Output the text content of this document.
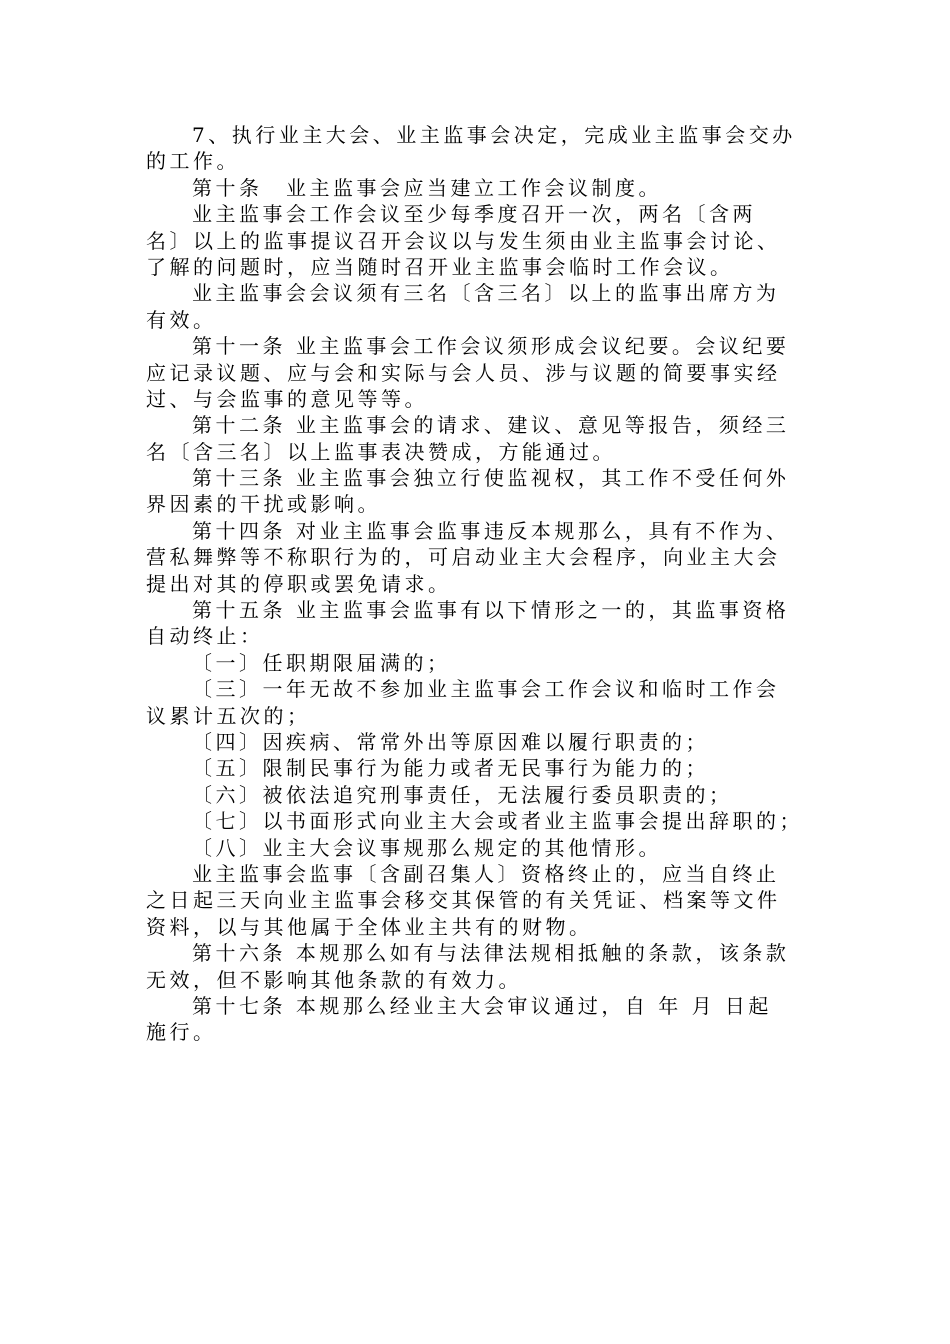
7、执行业主大会、业主监事会决定，完成业主监事会交办
的工作。
第十条　业主监事会应当建立工作会议制度。
业主监事会工作会议至少每季度召开一次，两名〔含两
名〕以上的监事提议召开会议以与发生须由业主监事会讨论、
了解的问题时，应当随时召开业主监事会临时工作会议。
业主监事会会议须有三名〔含三名〕以上的监事出席方为
有效。
第十一条 业主监事会工作会议须形成会议纪要。会议纪要
应记录议题、应与会和实际与会人员、涉与议题的简要事实经
过、与会监事的意见等等。
第十二条 业主监事会的请求、建议、意见等报告，须经三
名〔含三名〕以上监事表决赞成，方能通过。
第十三条 业主监事会独立行使监视权，其工作不受任何外
界因素的干扰或影响。
第十四条 对业主监事会监事违反本规那么，具有不作为、
营私舞弊等不称职行为的，可启动业主大会程序，向业主大会
提出对其的停职或罢免请求。
第十五条 业主监事会监事有以下情形之一的，其监事资格
自动终止：
〔一〕任职期限届满的；
〔三〕一年无故不参加业主监事会工作会议和临时工作会
议累计五次的；
〔四〕因疾病、常常外出等原因难以履行职责的；
〔五〕限制民事行为能力或者无民事行为能力的；
〔六〕被依法追究刑事责任，无法履行委员职责的；
〔七〕以书面形式向业主大会或者业主监事会提出辞职的；
〔八〕业主大会议事规那么规定的其他情形。
业主监事会监事〔含副召集人〕资格终止的，应当自终止
之日起三天向业主监事会移交其保管的有关凭证、档案等文件
资料，以与其他属于全体业主共有的财物。
第十六条 本规那么如有与法律法规相抵触的条款，该条款
无效，但不影响其他条款的有效力。
第十七条 本规那么经业主大会审议通过，自 年 月 日起
施行。
